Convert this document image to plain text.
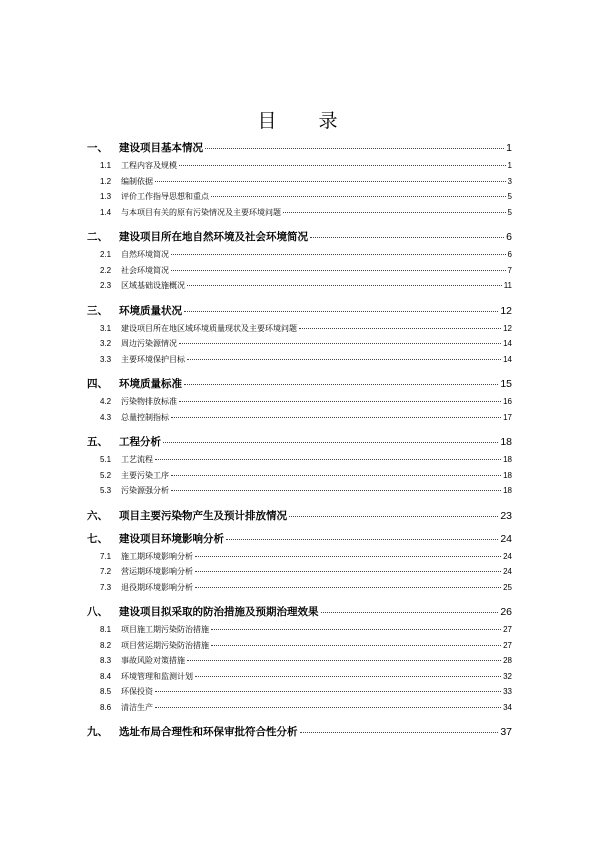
目 录
一、	建设项目基本情况	1
1.1	工程内容及规模	1
1.2	编制依据	3
1.3	评价工作指导思想和重点	5
1.4	与本项目有关的原有污染情况及主要环境问题	5
二、	建设项目所在地自然环境及社会环境简况	6
2.1	自然环境简况	6
2.2	社会环境简况	7
2.3	区域基础设施概况	11
三、	环境质量状况	12
3.1	建设项目所在地区域环境质量现状及主要环境问题	12
3.2	周边污染源情况	14
3.3	主要环境保护目标	14
四、	环境质量标准	15
4.2	污染物排放标准	16
4.3	总量控制指标	17
五、	工程分析	18
5.1	工艺流程	18
5.2	主要污染工序	18
5.3	污染源强分析	18
六、	项目主要污染物产生及预计排放情况	23
七、	建设项目环境影响分析	24
7.1	施工期环境影响分析	24
7.2	营运期环境影响分析	24
7.3	退役期环境影响分析	25
八、	建设项目拟采取的防治措施及预期治理效果	26
8.1	项目施工期污染防治措施	27
8.2	项目营运期污染防治措施	27
8.3	事故风险对策措施	28
8.4	环境管理和监测计划	32
8.5	环保投资	33
8.6	清洁生产	34
九、	选址布局合理性和环保审批符合性分析	37
